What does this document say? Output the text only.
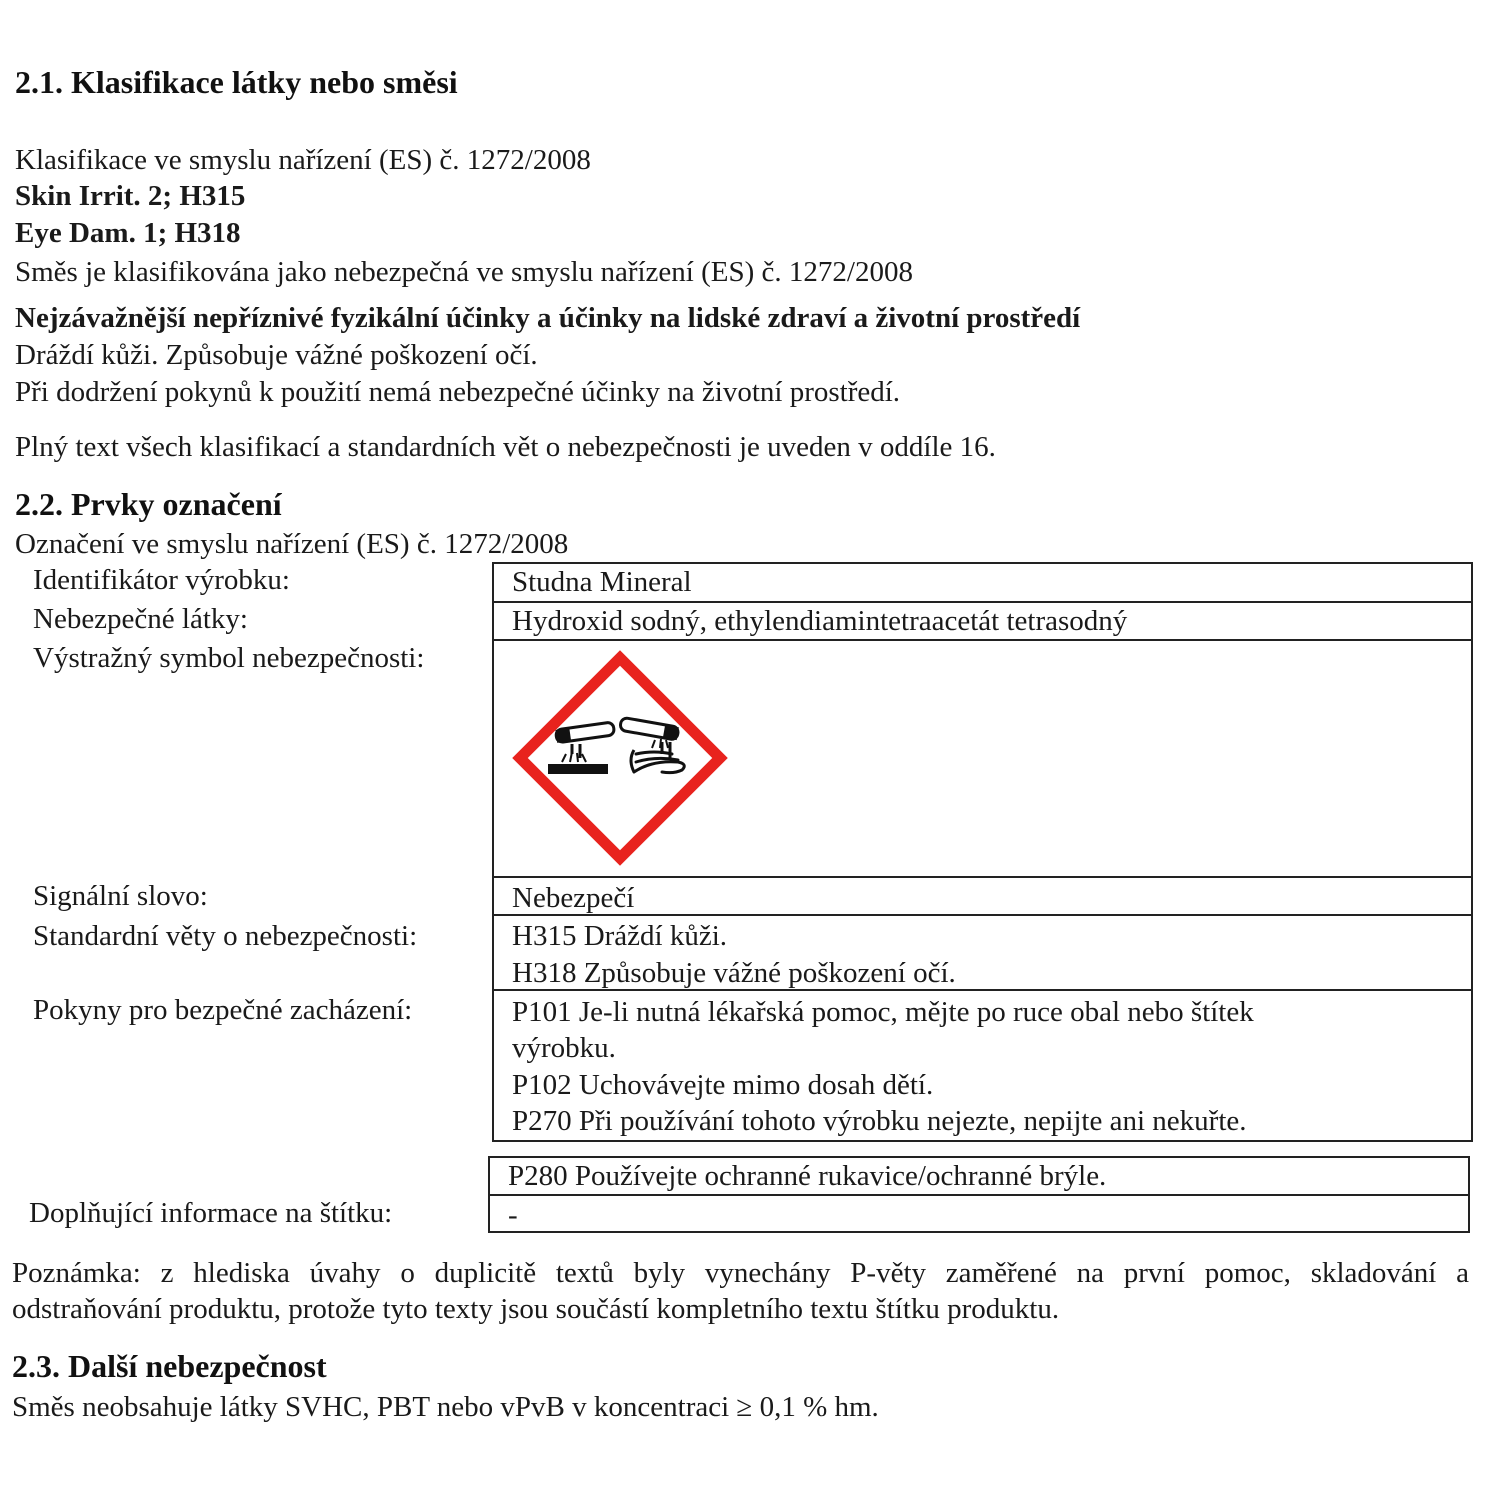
2.1. Klasifikace látky nebo směsi
Klasifikace ve smyslu nařízení (ES) č. 1272/2008
Skin Irrit. 2; H315
Eye Dam. 1; H318
Směs je klasifikována jako nebezpečná ve smyslu nařízení (ES) č. 1272/2008
Nejzávažnější nepříznivé fyzikální účinky a účinky na lidské zdraví a životní prostředí
Dráždí kůži. Způsobuje vážné poškození očí.
Při dodržení pokynů k použití nemá nebezpečné účinky na životní prostředí.
Plný text všech klasifikací a standardních vět o nebezpečnosti je uveden v oddíle 16.
2.2. Prvky označení
Označení ve smyslu nařízení (ES) č. 1272/2008
Identifikátor výrobku:
Nebezpečné látky:
Výstražný symbol nebezpečnosti:
Signální slovo:
Standardní věty o nebezpečnosti:
Pokyny pro bezpečné zacházení:
Doplňující informace na štítku:
Studna Mineral
Hydroxid sodný, ethylendiamintetraacetát tetrasodný
Nebezpečí
H315 Dráždí kůži.
H318 Způsobuje vážné poškození očí.
P101 Je-li nutná lékařská pomoc, mějte po ruce obal nebo štítek
výrobku.
P102 Uchovávejte mimo dosah dětí.
P270 Při používání tohoto výrobku nejezte, nepijte ani nekuřte.
P280 Používejte ochranné rukavice/ochranné brýle.
-
Poznámka: z hlediska úvahy o duplicitě textů byly vynechány P-věty zaměřené na první pomoc, skladování a
odstraňování produktu, protože tyto texty jsou součástí kompletního textu štítku produktu.
2.3. Další nebezpečnost
Směs neobsahuje látky SVHC, PBT nebo vPvB v koncentraci ≥ 0,1 % hm.
